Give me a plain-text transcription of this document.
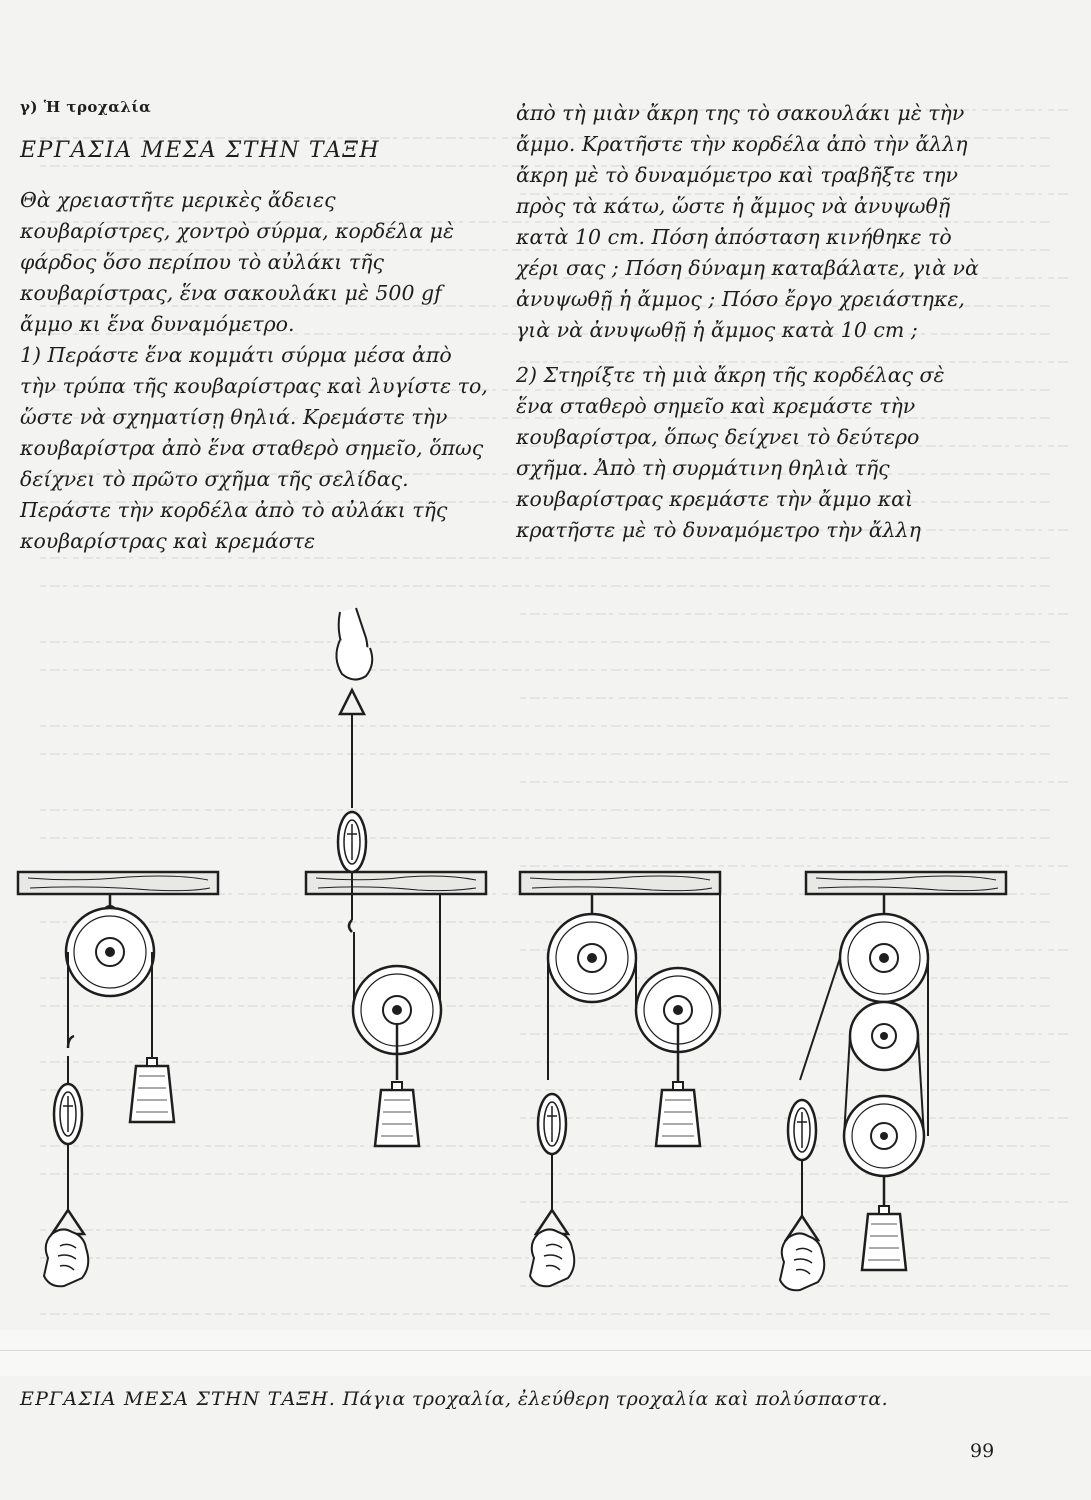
γ) Ἡ τροχαλία
ΕΡΓΑΣΙΑ ΜΕΣΑ ΣΤΗΝ ΤΑΞΗ

Θὰ χρειαστῆτε μερικὲς ἄδειες κουβαρίστρες, χοντρὸ σύρμα, κορδέλα μὲ φάρδος ὅσο περίπου τὸ αὐλάκι τῆς κουβαρίστρας, ἕνα σακουλάκι μὲ 500 gf ἄμμο κι ἕνα δυναμόμετρο.

1) Περάστε ἕνα κομμάτι σύρμα μέσα ἀπὸ τὴν τρύπα τῆς κουβαρίστρας καὶ λυγίστε το, ὥστε νὰ σχηματίσῃ θηλιά. Κρεμάστε τὴν κουβαρίστρα ἀπὸ ἕνα σταθερὸ σημεῖο, ὅπως δείχνει τὸ πρῶτο σχῆμα τῆς σελίδας. Περάστε τὴν κορδέλα ἀπὸ τὸ αὐλάκι τῆς κουβαρίστρας καὶ κρεμάστε

ἀπὸ τὴ μιὰν ἄκρη της τὸ σακουλάκι μὲ τὴν ἄμμο. Κρατῆστε τὴν κορδέλα ἀπὸ τὴν ἄλλη ἄκρη μὲ τὸ δυναμόμετρο καὶ τραβῆξτε την πρὸς τὰ κάτω, ὥστε ἡ ἄμμος νὰ ἀνυψωθῇ κατὰ 10 cm. Πόση ἀπόσταση κινήθηκε τὸ χέρι σας ; Πόση δύναμη καταβάλατε, γιὰ νὰ ἀνυψωθῇ ἡ ἄμμος ; Πόσο ἔργο χρειάστηκε, γιὰ νὰ ἀνυψωθῇ ἡ ἄμμος κατὰ 10 cm ;

2) Στηρίξτε τὴ μιὰ ἄκρη τῆς κορδέλας σὲ ἕνα σταθερὸ σημεῖο καὶ κρεμάστε τὴν κουβαρίστρα, ὅπως δείχνει τὸ δεύτερο σχῆμα. Ἀπὸ τὴ συρμάτινη θηλιὰ τῆς κουβαρίστρας κρεμάστε τὴν ἄμμο καὶ κρατῆστε μὲ τὸ δυναμόμετρο τὴν ἄλλη

ΕΡΓΑΣΙΑ ΜΕΣΑ ΣΤΗΝ ΤΑΞΗ. Πάγια τροχαλία, ἐλεύθερη τροχαλία καὶ πολύσπαστα.
99
